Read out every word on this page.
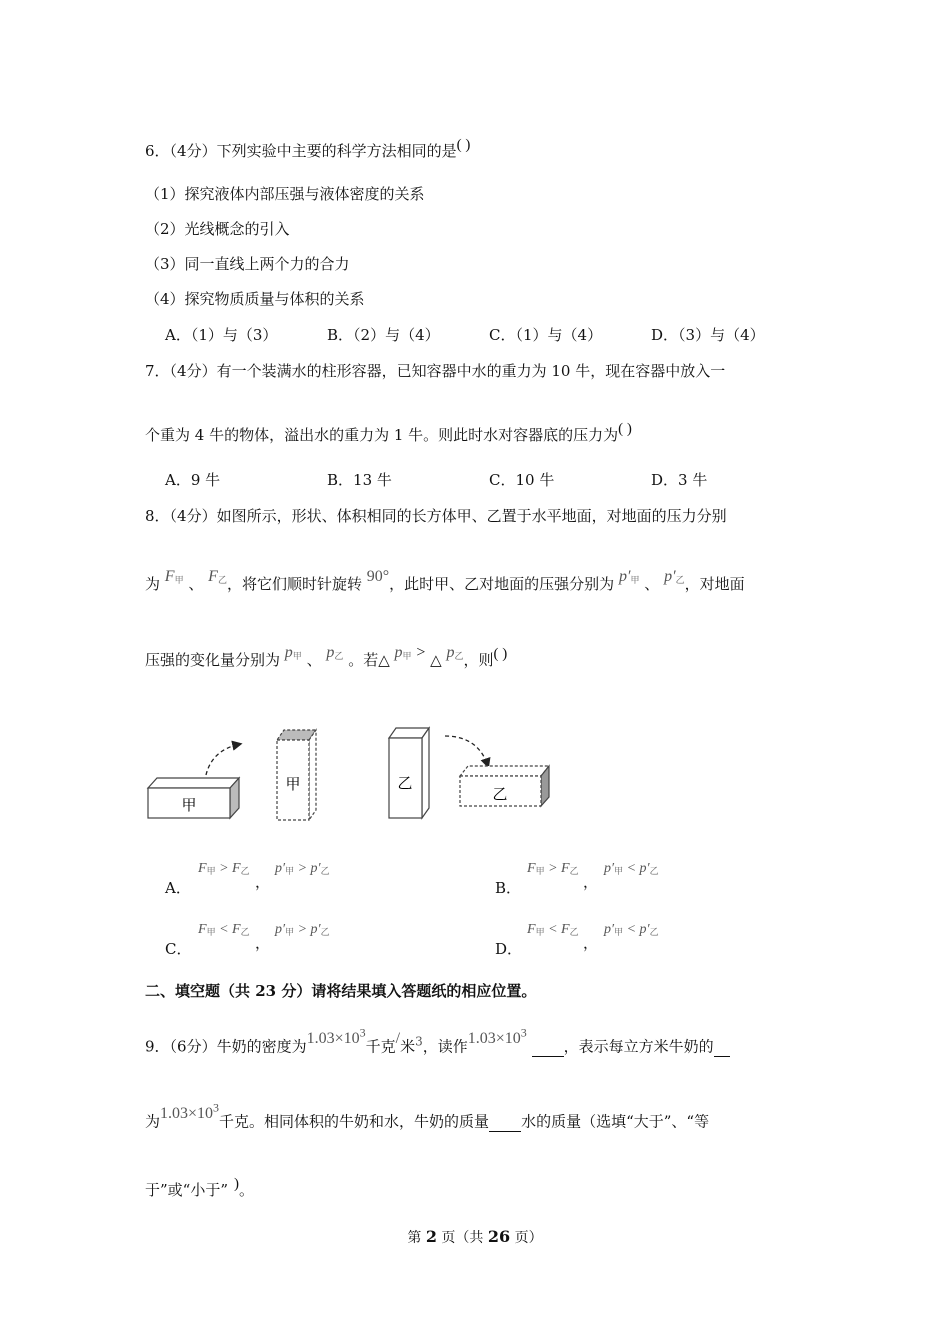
6．（4分）下列实验中主要的科学方法相同的是( )
（1）探究液体内部压强与液体密度的关系
（2）光线概念的引入
（3）同一直线上两个力的合力
（4）探究物质质量与体积的关系
A．（1）与（3）	B．（2）与（4）	C．（1）与（4）	D．（3）与（4）
7．（4分）有一个装满水的柱形容器，已知容器中水的重力为 10 牛，现在容器中放入一
个重为 4 牛的物体，溢出水的重力为 1 牛。则此时水对容器底的压力为( )
A．9 牛	B．13 牛	C．10 牛	D．3 牛
8．（4分）如图所示，形状、体积相同的长方体甲、乙置于水平地面，对地面的压力分别
为 F甲 、 F乙，将它们顺时针旋转 90°，此时甲、乙对地面的压强分别为 p′甲 、 p′乙，对地面
压强的变化量分别为 p甲 、 p乙 。若△ p甲 > △ p乙，则( )
甲
甲	乙
乙
A．
F甲 > F乙
，
p′甲 > p′乙
B．
F甲 > F乙
，
p′甲 < p′乙
C．
F甲 < F乙
，
p′甲 > p′乙
D．
F甲 < F乙
，
p′甲 < p′乙
二、填空题（共 23 分）请将结果填入答题纸的相应位置。
9．（6分）牛奶的密度为$1.03\times 10^3$千克/米$^3$，读作$1.03\times 10^3$ ，表示每立方米牛奶的
为$1.03\times 10^3$千克。相同体积的牛奶和水，牛奶的质量 水的质量（选填“大于”、“等
于”或“小于” )。
第 2 页（共 26 页）
